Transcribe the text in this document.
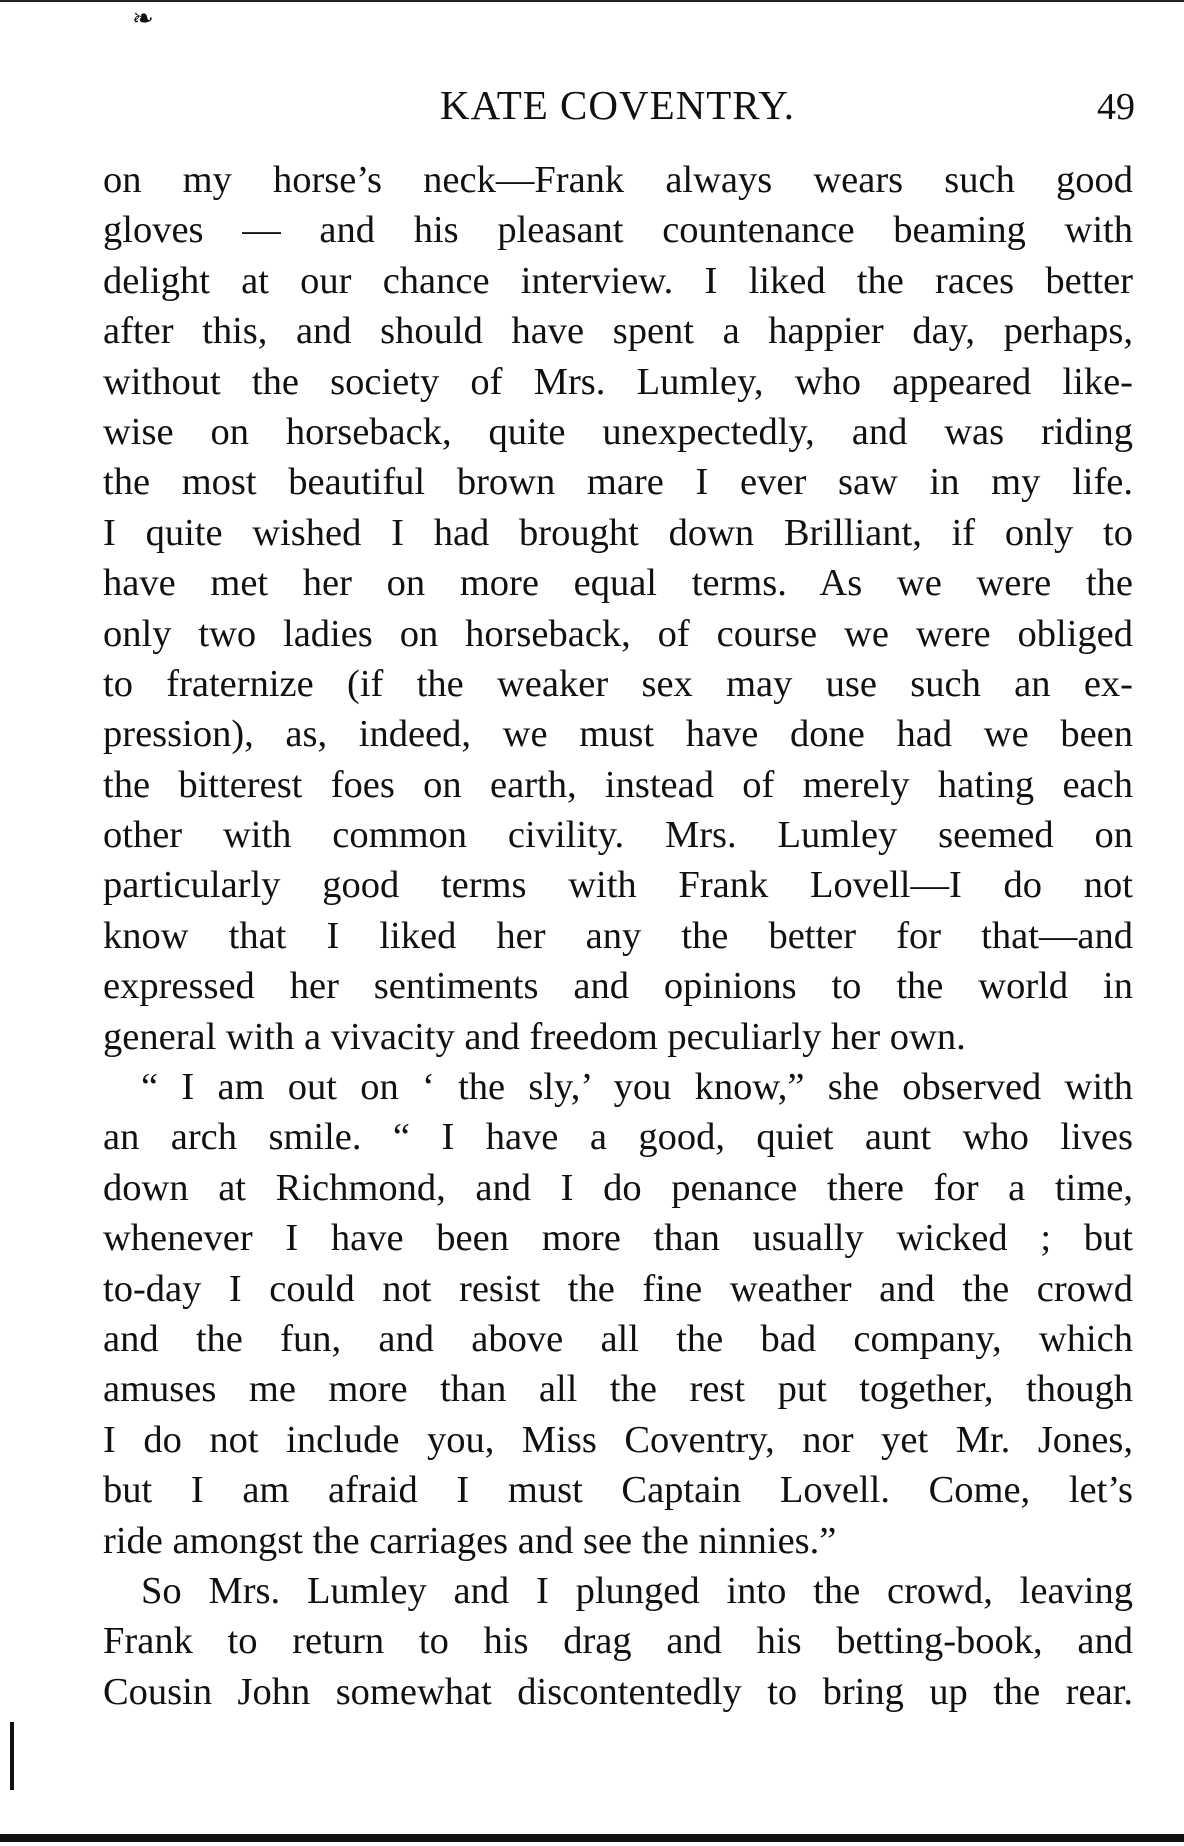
❧
KATE COVENTRY.	49
on my horse’s neck—Frank always wears such good
gloves — and his pleasant countenance beaming with
delight at our chance interview. I liked the races better
after this, and should have spent a happier day, perhaps,
without the society of Mrs. Lumley, who appeared like-
wise on horseback, quite unexpectedly, and was riding
the most beautiful brown mare I ever saw in my life.
I quite wished I had brought down Brilliant, if only to
have met her on more equal terms. As we were the
only two ladies on horseback, of course we were obliged
to fraternize (if the weaker sex may use such an ex-
pression), as, indeed, we must have done had we been
the bitterest foes on earth, instead of merely hating each
other with common civility. Mrs. Lumley seemed on
particularly good terms with Frank Lovell—I do not
know that I liked her any the better for that—and
expressed her sentiments and opinions to the world in
general with a vivacity and freedom peculiarly her own.
“ I am out on ‘ the sly,’ you know,” she observed with
an arch smile. “ I have a good, quiet aunt who lives
down at Richmond, and I do penance there for a time,
whenever I have been more than usually wicked ; but
to-day I could not resist the fine weather and the crowd
and the fun, and above all the bad company, which
amuses me more than all the rest put together, though
I do not include you, Miss Coventry, nor yet Mr. Jones,
but I am afraid I must Captain Lovell. Come, let’s
ride amongst the carriages and see the ninnies.”
So Mrs. Lumley and I plunged into the crowd, leaving
Frank to return to his drag and his betting-book, and
Cousin John somewhat discontentedly to bring up the rear.
